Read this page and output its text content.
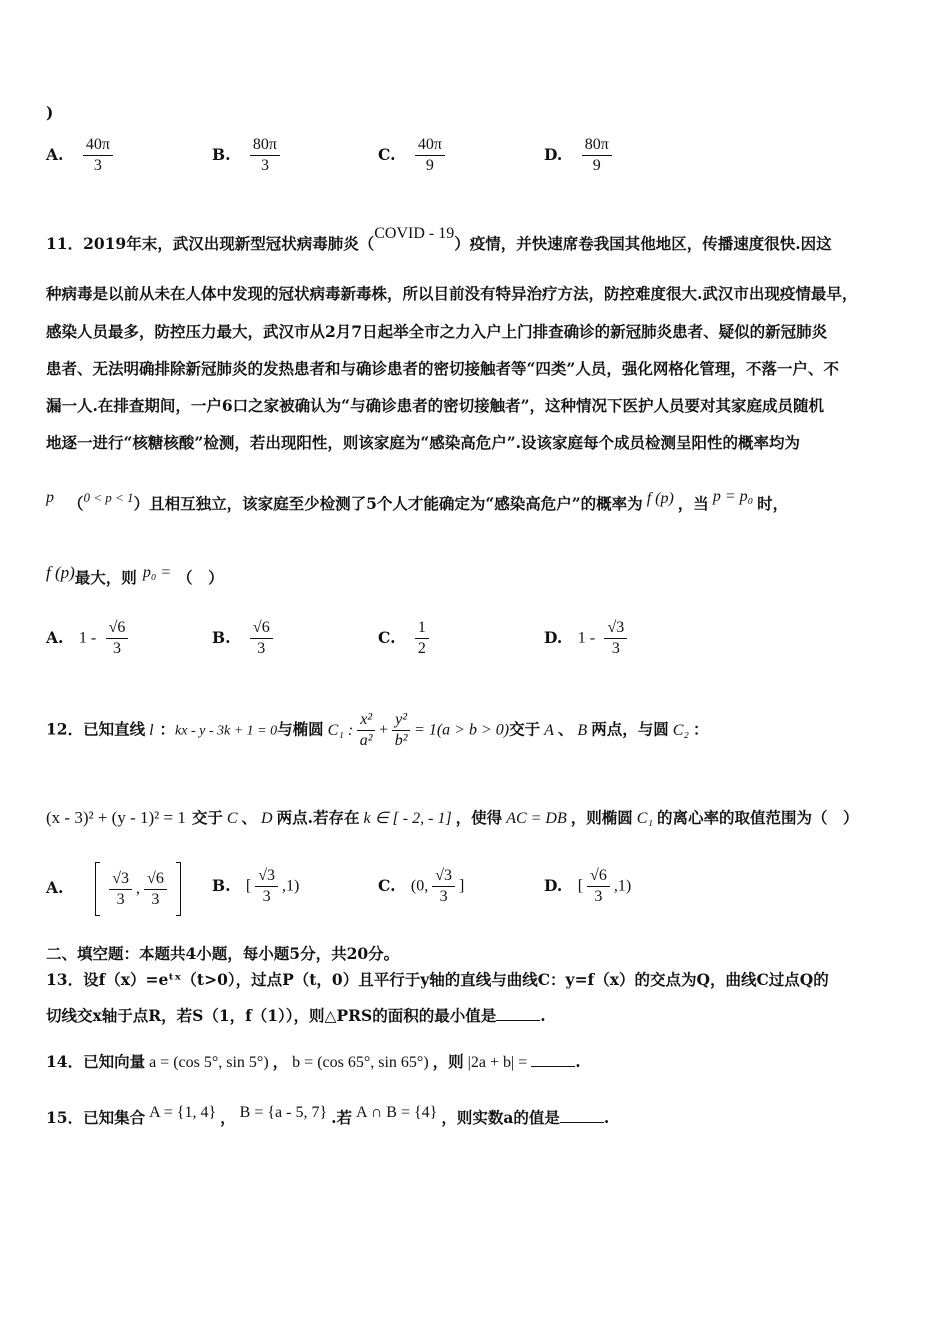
)
A. $\frac{40\pi}{3}$	B. $\frac{80\pi}{3}$	C. $\frac{40\pi}{9}$	D. $\frac{80\pi}{9}$
11．2019年末，武汉出现新型冠状病毒肺炎（COVID - 19）疫情，并快速席卷我国其他地区，传播速度很快.因这
种病毒是以前从未在人体中发现的冠状病毒新毒株，所以目前没有特异治疗方法，防控难度很大.武汉市出现疫情最早，
感染人员最多，防控压力最大，武汉市从2月7日起举全市之力入户上门排查确诊的新冠肺炎患者、疑似的新冠肺炎
患者、无法明确排除新冠肺炎的发热患者和与确诊患者的密切接触者等“四类”人员，强化网格化管理，不落一户、不
漏一人.在排查期间，一户6口之家被确认为“与确诊患者的密切接触者”，这种情况下医护人员要对其家庭成员随机
地逐一进行“核糖核酸”检测，若出现阳性，则该家庭为“感染高危户”.设该家庭每个成员检测呈阳性的概率均为
p （$^{0 < p < 1}$）且相互独立，该家庭至少检测了5个人才能确定为“感染高危户”的概率为 f (p) ，当 p = p₀ 时，
f (p)最大，则 p₀ = （　）
A. $1 - \frac{√6}{3}$	B. $\frac{√6}{3}$	C. $\frac{1}{2}$	D. $1 - \frac{√3}{3}$
12．已知直线 l ：kx - y - 3k + 1 = 0与椭圆 C₁ : $\frac{\text{x²}}{\text{a²}} + \frac{\text{y²}}{\text{b²}} = 1(a > b > 0)$交于 A 、 B 两点，与圆 C₂ ：
(x - 3)² + (y - 1)² = 1 交于 C 、 D 两点.若存在 k ∈ [ - 2, - 1] ，使得 AC = DB ，则椭圆 C₁ 的离心率的取值范围为（　）
A.	$\frac{√3}{3}$ , $\frac{√6}{3}$
	B. [ $\frac{√3}{3} ,1$)	C. (0, $\frac{√3}{3}$ ]	D. [ $\frac{√6}{3} ,1$)
二、填空题：本题共4小题，每小题5分，共20分。
13．设f（x）=eᵗˣ（t>0），过点P（t，0）且平行于y轴的直线与曲线C：y=f（x）的交点为Q，曲线C过点Q的
切线交x轴于点R，若S（1，f（1）），则△PRS的面积的最小值是	.
14．已知向量 a = (cos 5°, sin 5°) ， b = (cos 65°, sin 65°) ，则 |2a + b| =	.
15．已知集合 A = {1, 4} ， B = {a - 5, 7} .若 A ∩ B = {4} ，则实数a的值是	.
